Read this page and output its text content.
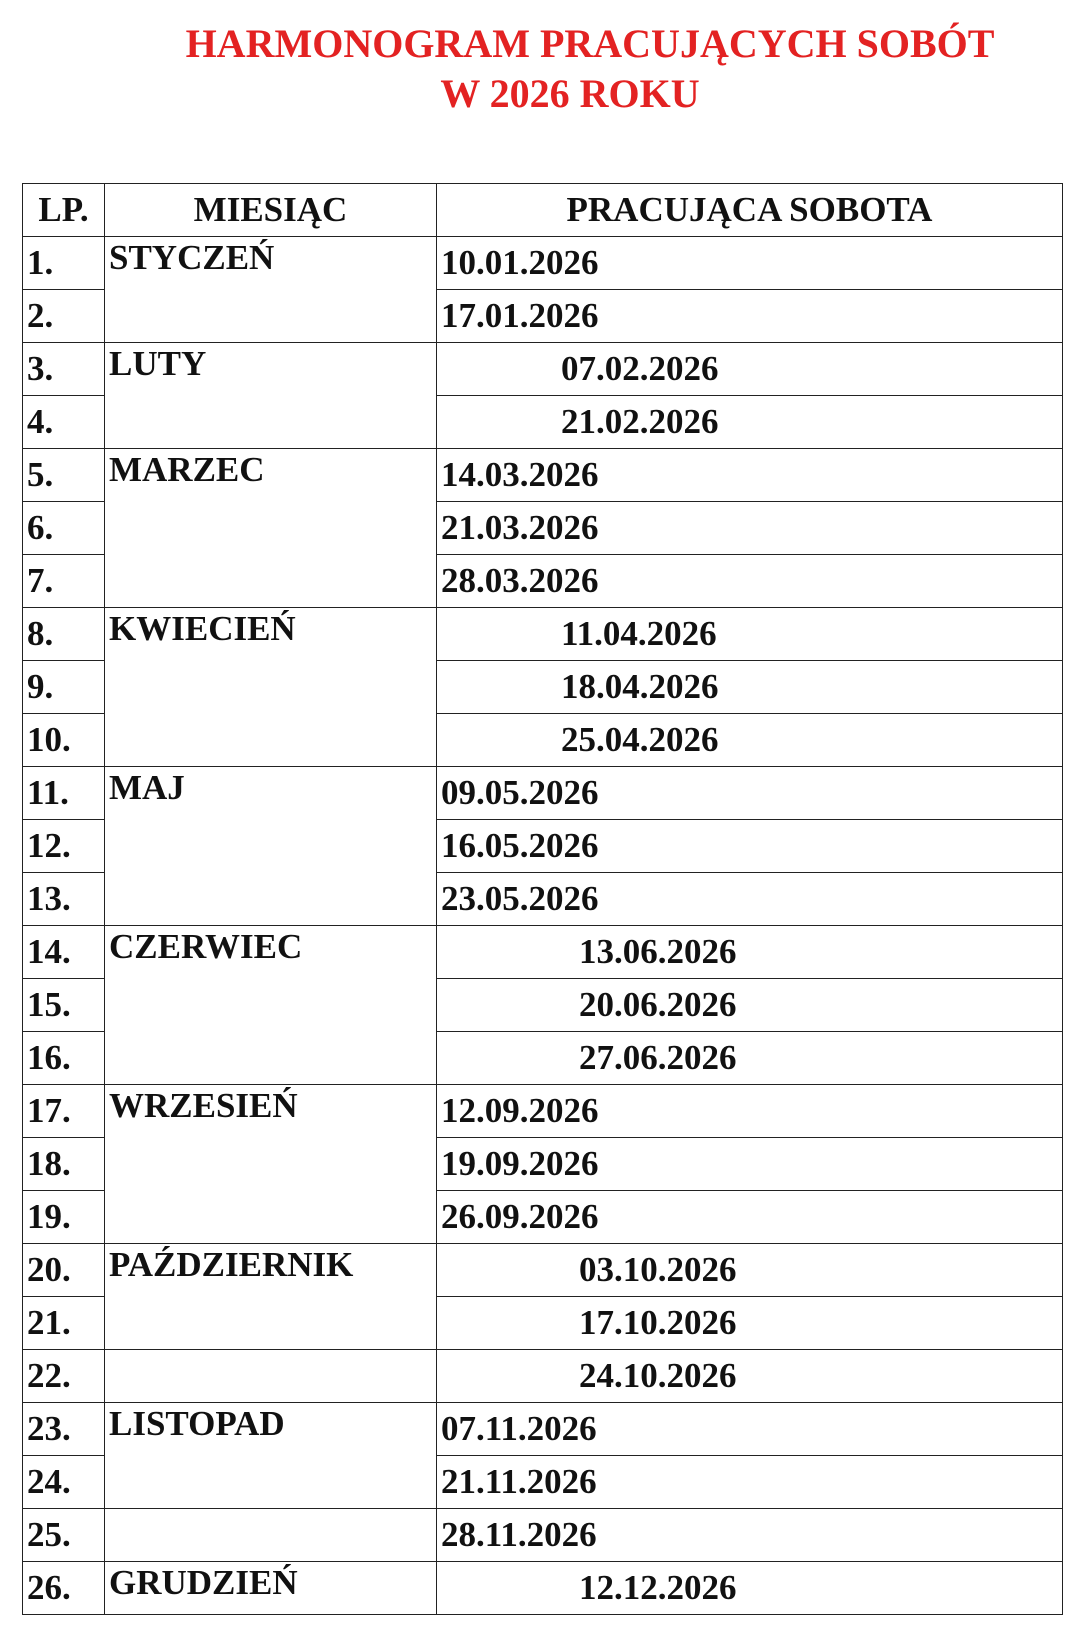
HARMONOGRAM PRACUJĄCYCH SOBÓT
W 2026 ROKU
LP.	MIESIĄC	PRACUJĄCA SOBOTA
1.	STYCZEŃ	10.01.2026
2.		17.01.2026
3.	LUTY	07.02.2026
4.		21.02.2026
5.	MARZEC	14.03.2026
6.		21.03.2026
7.		28.03.2026
8.	KWIECIEŃ	11.04.2026
9.		18.04.2026
10.		25.04.2026
11.	MAJ	09.05.2026
12.		16.05.2026
13.		23.05.2026
14.	CZERWIEC	13.06.2026
15.		20.06.2026
16.		27.06.2026
17.	WRZESIEŃ	12.09.2026
18.		19.09.2026
19.		26.09.2026
20.	PAŹDZIERNIK	03.10.2026
21.		17.10.2026
22.		24.10.2026
23.	LISTOPAD	07.11.2026
24.		21.11.2026
25.		28.11.2026
26.	GRUDZIEŃ	12.12.2026
